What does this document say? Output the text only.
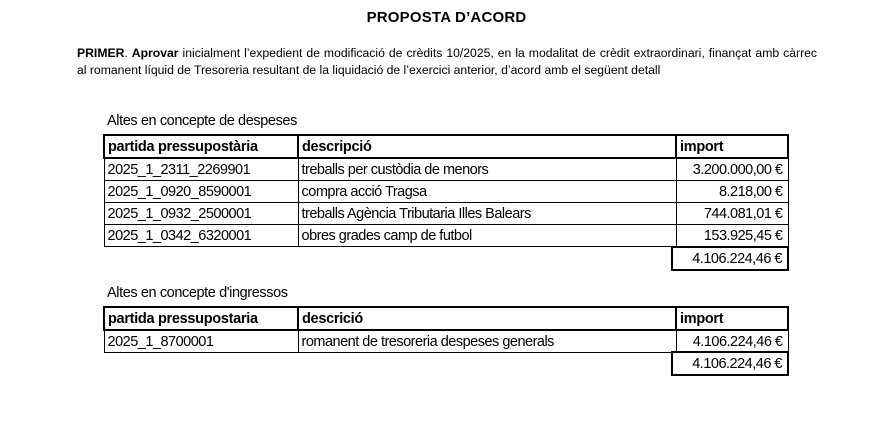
PROPOSTA D’ACORD
PRIMER. Aprovar inicialment l’expedient de modificació de crèdits 10/2025, en la modalitat de crèdit extraordinari, finançat amb càrrec al romanent líquid de Tresoreria resultant de la liquidació de l’exercici anterior, d’acord amb el següent detall
Altes en concepte de despeses
partida pressupostària	descripció	import
2025_1_2311_2269901	treballs per custòdia de menors	3.200.000,00 €
2025_1_0920_8590001	compra acció Tragsa	8.218,00 €
2025_1_0932_2500001	treballs Agència Tributaria Illes Balears	744.081,01 €
2025_1_0342_6320001	obres grades camp de futbol	153.925,45 €
4.106.224,46 €
Altes en concepte d'ingressos
partida pressupostaria	descrició	import
2025_1_8700001	romanent de tresoreria despeses generals	4.106.224,46 €
4.106.224,46 €
